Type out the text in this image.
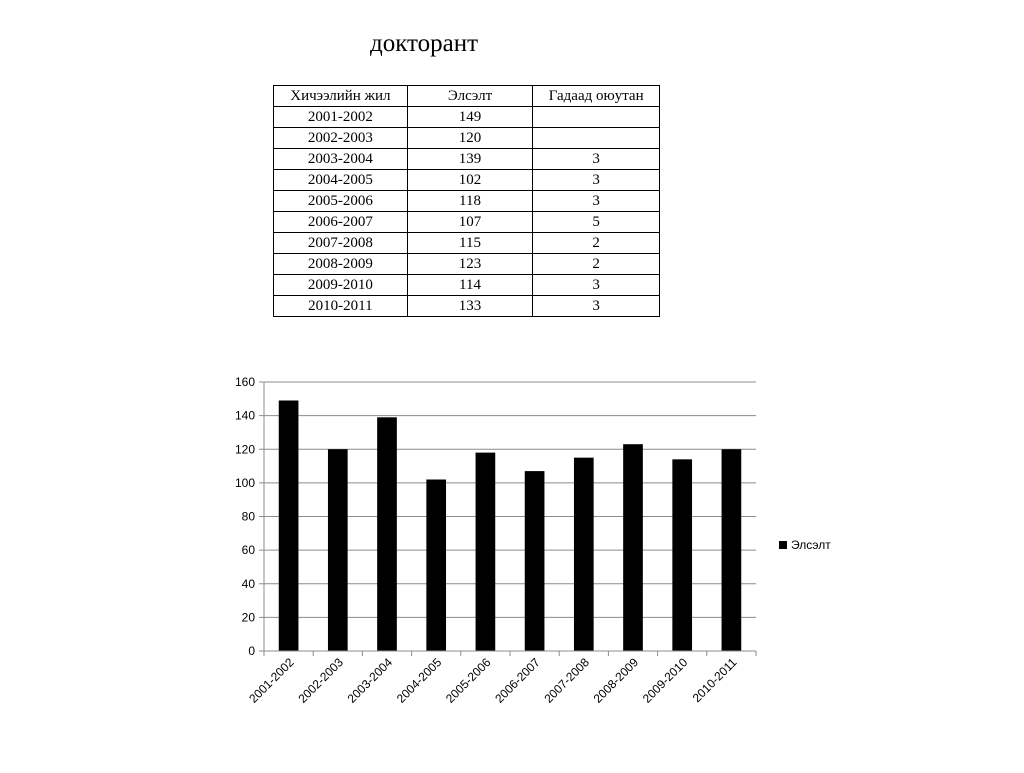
докторант
Хичээлийн жил	Элсэлт	Гадаад оюутан
2001-2002	149	
2002-2003	120	
2003-2004	139	3
2004-2005	102	3
2005-2006	118	3
2006-2007	107	5
2007-2008	115	2
2008-2009	123	2
2009-2010	114	3
2010-2011	133	3
0
20
40
60
80
100
120
140
160
2001-2002
2002-2003
2003-2004
2004-2005
2005-2006
2006-2007
2007-2008
2008-2009
2009-2010 2010-2011
Элсэлт
